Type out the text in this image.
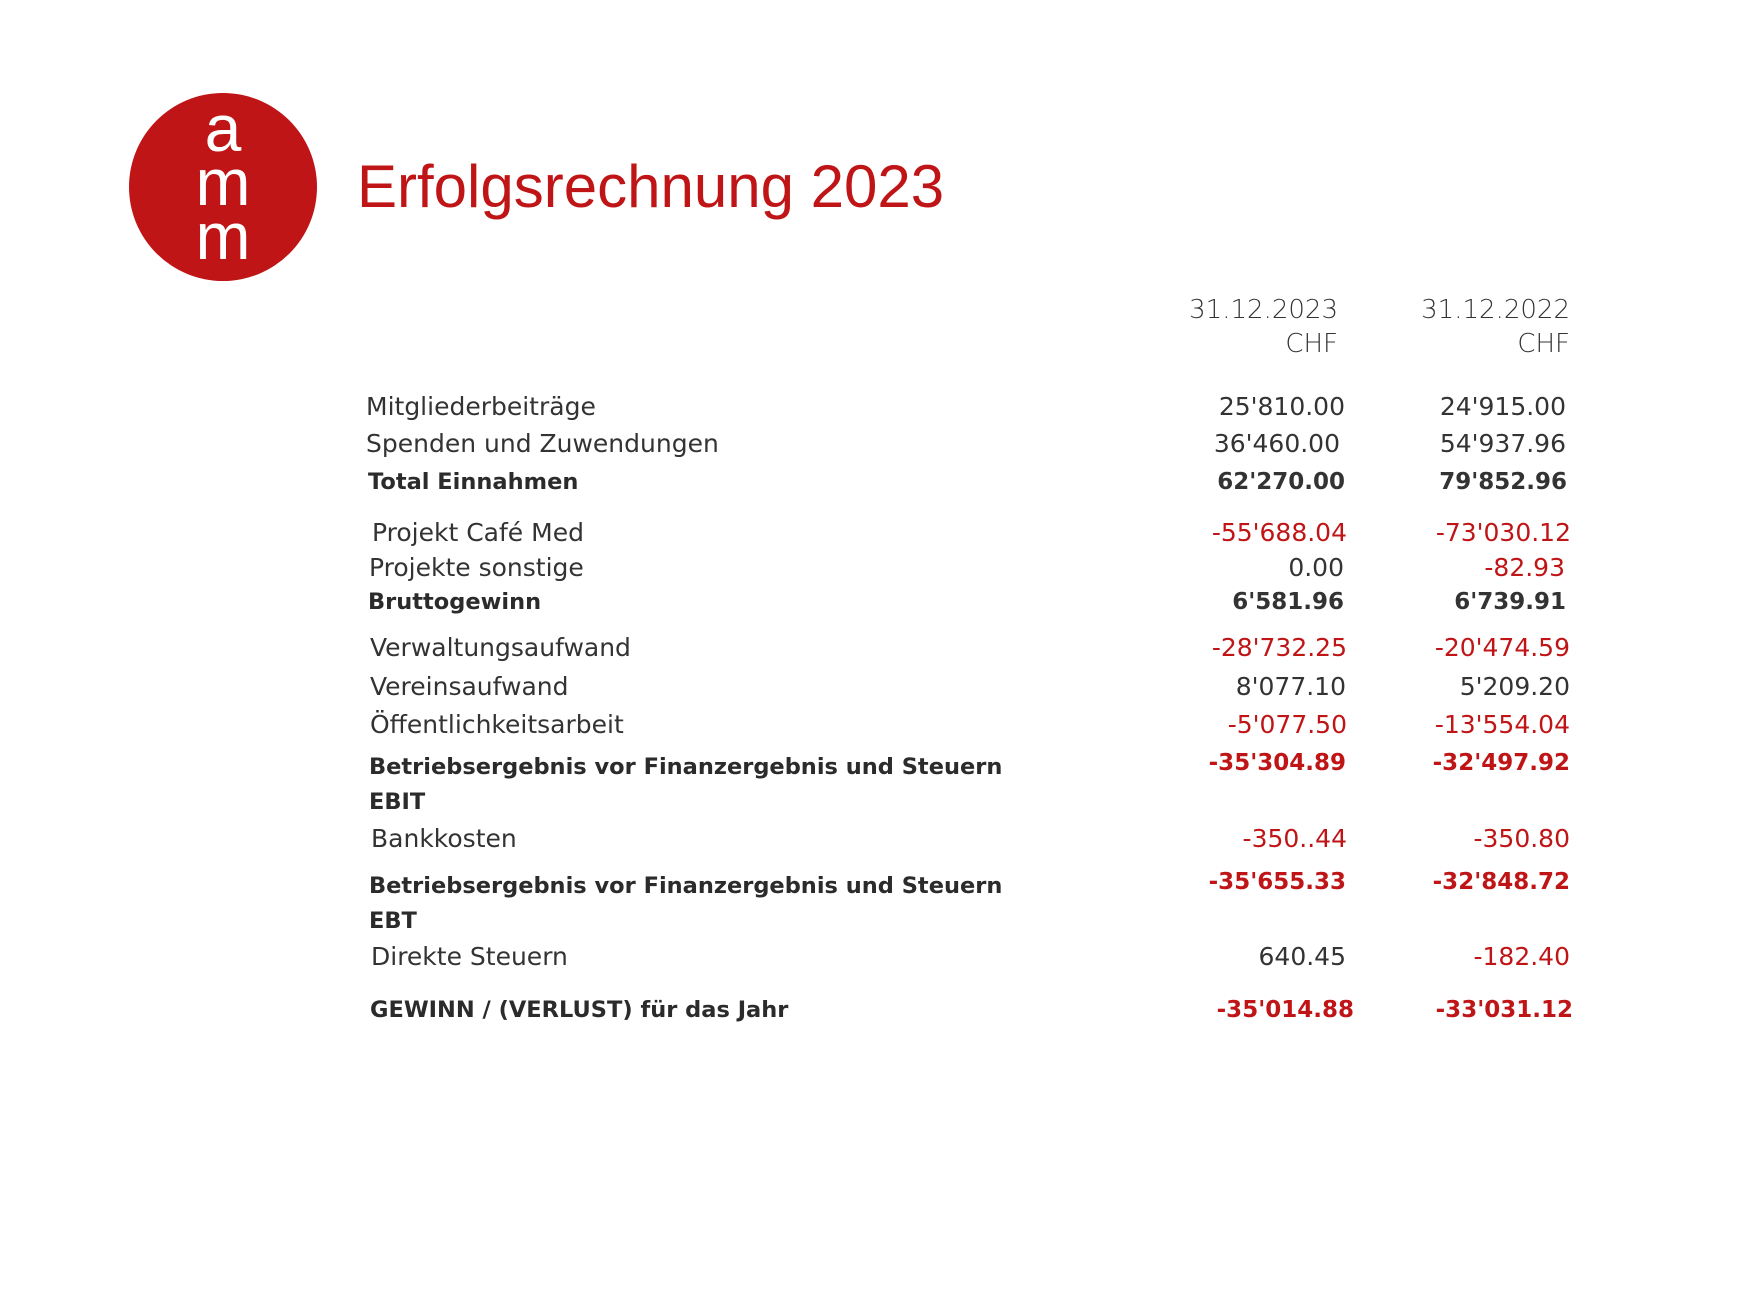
a
m
m
Erfolgsrechnung 2023
31.12.2023
CHF
31.12.2022
CHF
Mitgliederbeiträge	25'810.00	24'915.00
Spenden und Zuwendungen	36'460.00	54'937.96
Total Einnahmen	62'270.00	79'852.96
Projekt Café Med	-55'688.04	-73'030.12
Projekte sonstige	0.00	-82.93
Bruttogewinn	6'581.96	6'739.91
Verwaltungsaufwand	-28'732.25	-20'474.59
Vereinsaufwand	8'077.10	5'209.20
Öffentlichkeitsarbeit	-5'077.50	-13'554.04
Betriebsergebnis vor Finanzergebnis und Steuern
EBIT
-35'304.89	-32'497.92
Bankkosten	-350..44	-350.80
Betriebsergebnis vor Finanzergebnis und Steuern
EBT
-35'655.33	-32'848.72
Direkte Steuern	640.45	-182.40
GEWINN / (VERLUST) für das Jahr	-35'014.88	-33'031.12
